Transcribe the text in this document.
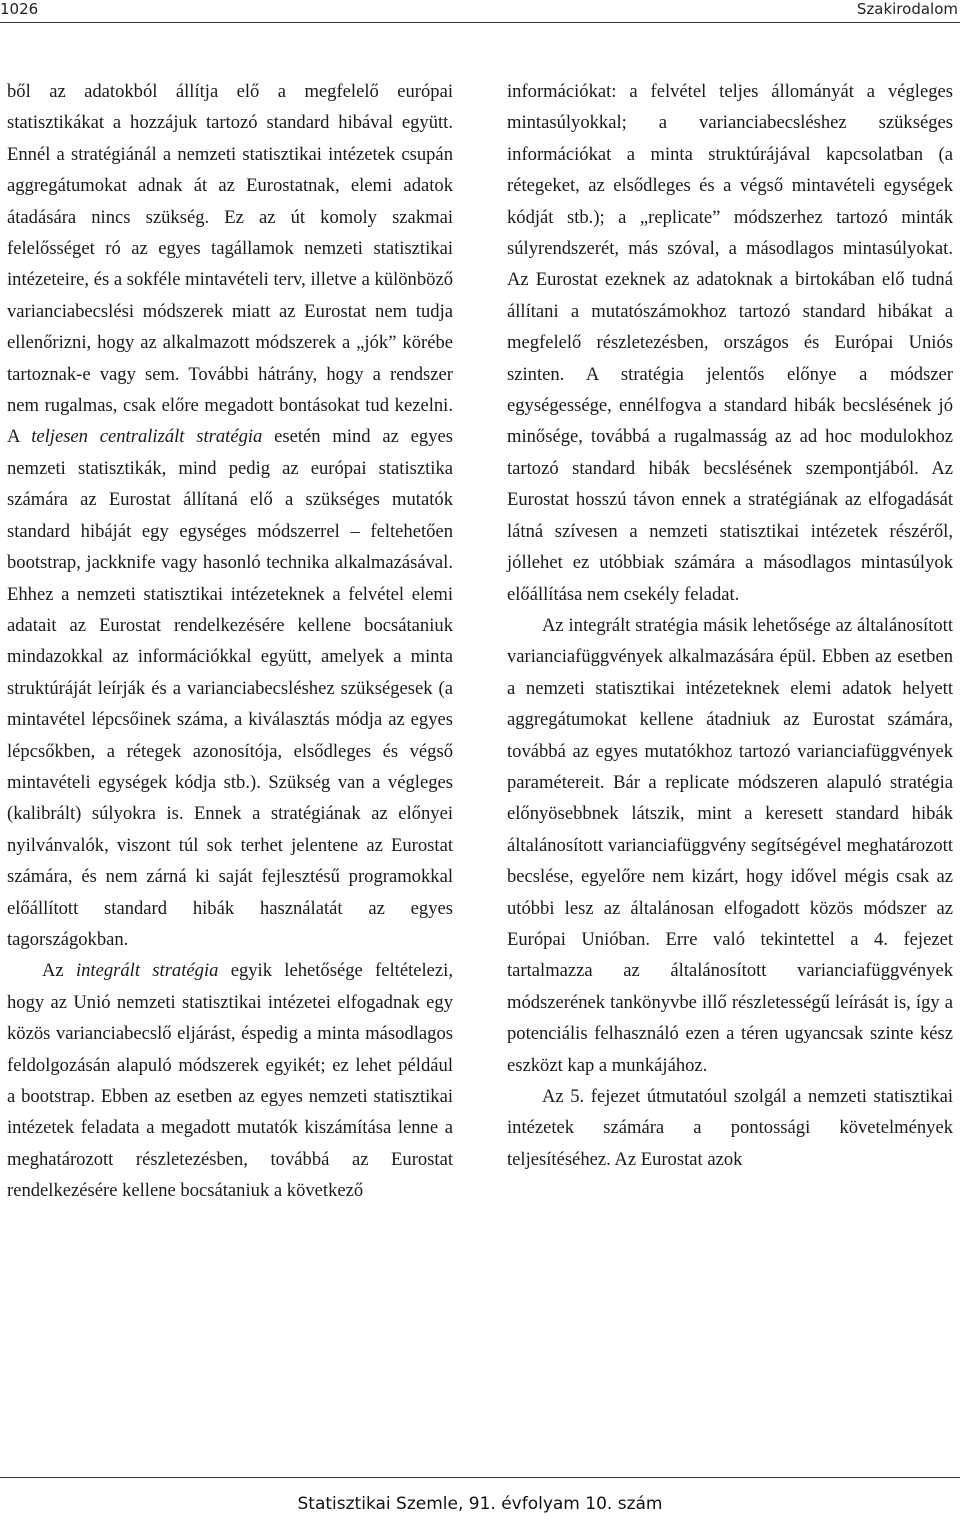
1026	Szakirodalom

ből az adatokból állítja elő a megfelelő európai statisztikákat a hozzájuk tartozó standard hibával együtt. Ennél a stratégiánál a nemzeti statisztikai intézetek csupán aggregátumokat adnak át az Eurostatnak, elemi adatok átadására nincs szükség. Ez az út komoly szakmai felelősséget ró az egyes tagállamok nemzeti statisztikai intézeteire, és a sokféle mintavételi terv, illetve a különböző varianciabecslési módszerek miatt az Eurostat nem tudja ellenőrizni, hogy az alkalmazott módszerek a „jók” körébe tartoznak-e vagy sem. További hátrány, hogy a rendszer nem rugalmas, csak előre megadott bontásokat tud kezelni. A teljesen centralizált stratégia esetén mind az egyes nemzeti statisztikák, mind pedig az európai statisztika számára az Eurostat állítaná elő a szükséges mutatók standard hibáját egy egységes módszerrel – feltehetően bootstrap, jackknife vagy hasonló technika alkalmazásával. Ehhez a nemzeti statisztikai intézeteknek a felvétel elemi adatait az Eurostat rendelkezésére kellene bocsátaniuk mindazokkal az információkkal együtt, amelyek a minta struktúráját leírják és a varianciabecsléshez szükségesek (a mintavétel lépcsőinek száma, a kiválasztás módja az egyes lépcsőkben, a rétegek azonosítója, elsődleges és végső mintavételi egységek kódja stb.). Szükség van a végleges (kalibrált) súlyokra is. Ennek a stratégiának az előnyei nyilvánvalók, viszont túl sok terhet jelentene az Eurostat számára, és nem zárná ki saját fejlesztésű programokkal előállított standard hibák használatát az egyes tagországokban.

Az integrált stratégia egyik lehetősége feltételezi, hogy az Unió nemzeti statisztikai intézetei elfogadnak egy közös varianciabecslő eljárást, éspedig a minta másodlagos feldolgozásán alapuló módszerek egyikét; ez lehet például a bootstrap. Ebben az esetben az egyes nemzeti statisztikai intézetek feladata a megadott mutatók kiszámítása lenne a meghatározott részletezésben, továbbá az Eurostat rendelkezésére kellene bocsátaniuk a következő

információkat: a felvétel teljes állományát a végleges mintasúlyokkal; a varianciabecsléshez szükséges információkat a minta struktúrájával kapcsolatban (a rétegeket, az elsődleges és a végső mintavételi egységek kódját stb.); a „replicate” módszerhez tartozó minták súlyrendszerét, más szóval, a másodlagos mintasúlyokat. Az Eurostat ezeknek az adatoknak a birtokában elő tudná állítani a mutatószámokhoz tartozó standard hibákat a megfelelő részletezésben, országos és Európai Uniós szinten. A stratégia jelentős előnye a módszer egységessége, ennélfogva a standard hibák becslésének jó minősége, továbbá a rugalmasság az ad hoc modulokhoz tartozó standard hibák becslésének szempontjából. Az Eurostat hosszú távon ennek a stratégiának az elfogadását látná szívesen a nemzeti statisztikai intézetek részéről, jóllehet ez utóbbiak számára a másodlagos mintasúlyok előállítása nem csekély feladat.

Az integrált stratégia másik lehetősége az általánosított varianciafüggvények alkalmazására épül. Ebben az esetben a nemzeti statisztikai intézeteknek elemi adatok helyett aggregátumokat kellene átadniuk az Eurostat számára, továbbá az egyes mutatókhoz tartozó varianciafüggvények paramétereit. Bár a replicate módszeren alapuló stratégia előnyösebbnek látszik, mint a keresett standard hibák általánosított varianciafüggvény segítségével meghatározott becslése, egyelőre nem kizárt, hogy idővel mégis csak az utóbbi lesz az általánosan elfogadott közös módszer az Európai Unióban. Erre való tekintettel a 4. fejezet tartalmazza az általánosított varianciafüggvények módszerének tankönyvbe illő részletességű leírását is, így a potenciális felhasználó ezen a téren ugyancsak szinte kész eszközt kap a munkájához.

Az 5. fejezet útmutatóul szolgál a nemzeti statisztikai intézetek számára a pontossági követelmények teljesítéséhez. Az Eurostat azok

Statisztikai Szemle, 91. évfolyam 10. szám
